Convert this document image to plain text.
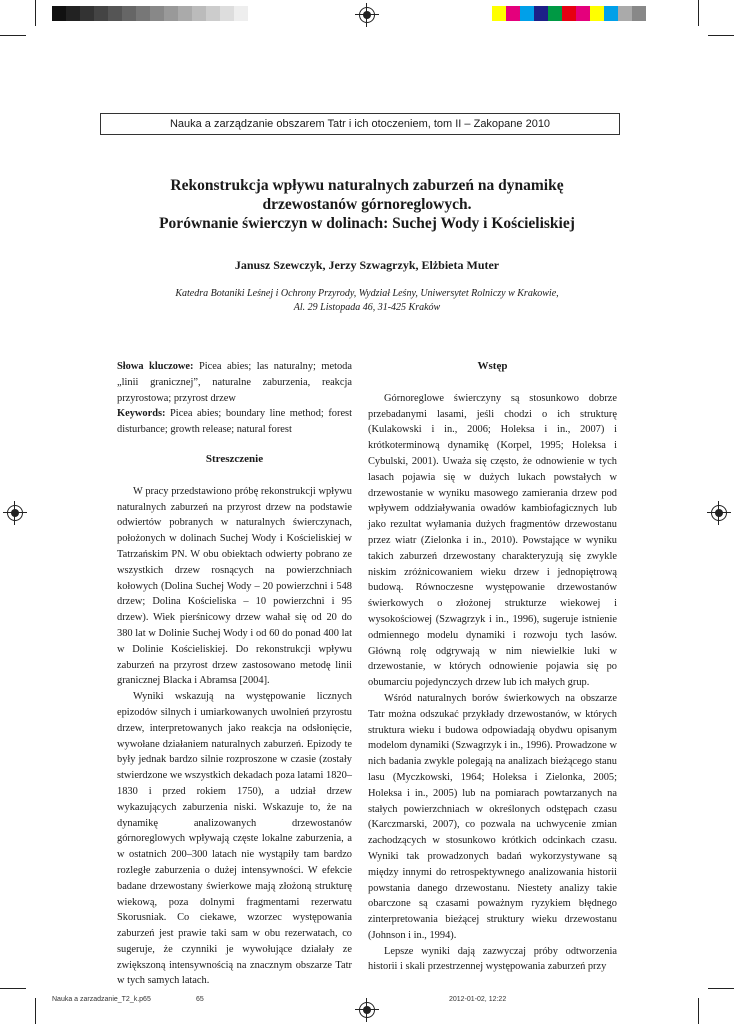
Nauka a zarządzanie obszarem Tatr i ich otoczeniem, tom II – Zakopane 2010
Rekonstrukcja wpływu naturalnych zaburzeń na dynamikę
drzewostanów górnoreglowych.
Porównanie świerczyn w dolinach: Suchej Wody i Kościeliskiej
Janusz Szewczyk, Jerzy Szwagrzyk, Elżbieta Muter
Katedra Botaniki Leśnej i Ochrony Przyrody, Wydział Leśny, Uniwersytet Rolniczy w Krakowie,
Al. 29 Listopada 46, 31-425 Kraków

Słowa kluczowe: Picea abies; las naturalny; metoda „linii granicznej”, naturalne zaburzenia, reakcja przyrostowa; przyrost drzew

Keywords: Picea abies; boundary line method; forest disturbance; growth release; natural forest

Streszczenie

W pracy przedstawiono próbę rekonstrukcji wpływu naturalnych zaburzeń na przyrost drzew na podstawie odwiertów pobranych w naturalnych świerczynach, położonych w dolinach Suchej Wody i Kościeliskiej w Tatrzańskim PN. W obu obiektach odwierty pobrano ze wszystkich drzew rosnących na powierzchniach kołowych (Dolina Suchej Wody – 20 powierzchni i 548 drzew; Dolina Kościeliska – 10 powierzchni i 95 drzew). Wiek pierśnicowy drzew wahał się od 20 do 380 lat w Dolinie Suchej Wody i od 60 do ponad 400 lat w Dolinie Kościeliskiej. Do rekonstrukcji wpływu zaburzeń na przyrost drzew zastosowano metodę linii granicznej Blacka i Abramsa [2004].

Wyniki wskazują na występowanie licznych epizodów silnych i umiarkowanych uwolnień przyrostu drzew, interpretowanych jako reakcja na odsłonięcie, wywołane działaniem naturalnych zaburzeń. Epizody te były jednak bardzo silnie rozproszone w czasie (zostały stwierdzone we wszystkich dekadach poza latami 1820–1830 i przed rokiem 1750), a udział drzew wykazujących zaburzenia niski. Wskazuje to, że na dynamikę analizowanych drzewostanów górnoreglowych wpływają częste lokalne zaburzenia, a w ostatnich 200–300 latach nie wystąpiły tam bardzo rozległe zaburzenia o dużej intensywności. W efekcie badane drzewostany świerkowe mają złożoną strukturę wiekową, poza dolnymi fragmentami rezerwatu Skorusniak. Co ciekawe, wzorzec występowania zaburzeń jest prawie taki sam w obu rezerwatach, co sugeruje, że czynniki je wywołujące działały ze zwiększoną intensywnością na znacznym obszarze Tatr w tych samych latach.

Wstęp

Górnoreglowe świerczyny są stosunkowo dobrze przebadanymi lasami, jeśli chodzi o ich strukturę (Kulakowski i in., 2006; Holeksa i in., 2007) i krótkoterminową dynamikę (Korpel, 1995; Holeksa i Cybulski, 2001). Uważa się często, że odnowienie w tych lasach pojawia się w dużych lukach powstałych w drzewostanie w wyniku masowego zamierania drzew pod wpływem oddziaływania owadów kambiofagicznych lub jako rezultat wyłamania dużych fragmentów drzewostanu przez wiatr (Zielonka i in., 2010). Powstające w wyniku takich zaburzeń drzewostany charakteryzują się zwykle niskim zróżnicowaniem wieku drzew i jednopiętrową budową. Równoczesne występowanie drzewostanów świerkowych o złożonej strukturze wiekowej i wysokościowej (Szwagrzyk i in., 1996), sugeruje istnienie odmiennego modelu dynamiki i rozwoju tych lasów. Główną rolę odgrywają w nim niewielkie luki w drzewostanie, w których odnowienie pojawia się po obumarciu pojedynczych drzew lub ich małych grup.

Wśród naturalnych borów świerkowych na obszarze Tatr można odszukać przykłady drzewostanów, w których struktura wieku i budowa odpowiadają obydwu opisanym modelom dynamiki (Szwagrzyk i in., 1996). Prowadzone w nich badania zwykle polegają na analizach bieżącego stanu lasu (Myczkowski, 1964; Holeksa i Zielonka, 2005; Holeksa i in., 2005) lub na pomiarach powtarzanych na stałych powierzchniach w określonych odstępach czasu (Karczmarski, 2007), co pozwala na uchwycenie zmian zachodzących w stosunkowo krótkich odcinkach czasu. Wyniki tak prowadzonych badań wykorzystywane są między innymi do retrospektywnego analizowania historii powstania danego drzewostanu. Niestety analizy takie obarczone są czasami poważnym ryzykiem błędnego zinterpretowania bieżącej struktury wieku drzewostanu (Johnson i in., 1994).

Lepsze wyniki dają zazwyczaj próby odtworzenia historii i skali przestrzennej występowania zaburzeń przy

Nauka a zarzadzanie_T2_k.p65	65	2012-01-02, 12:22
